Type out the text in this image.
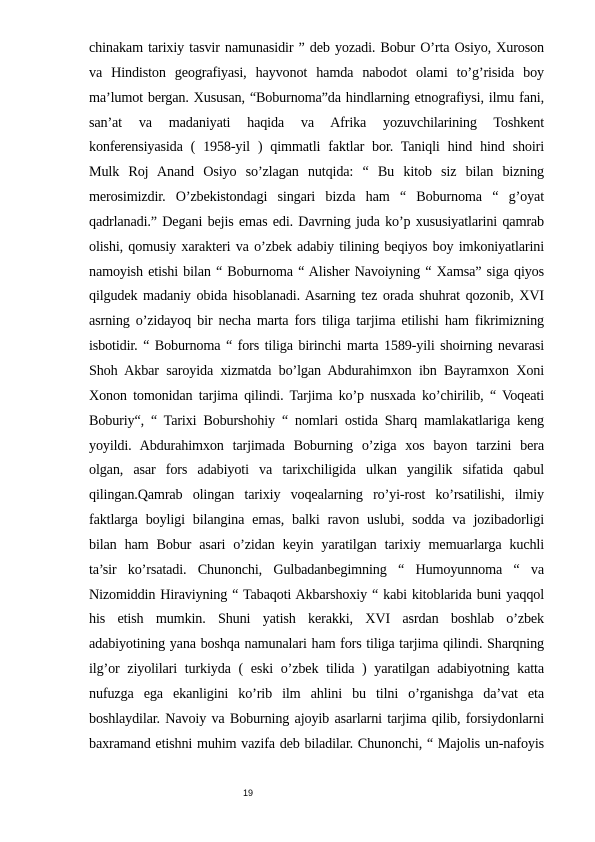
chinakam tarixiy tasvir namunasidir ” deb yozadi. Bobur O’rta Osiyo, Xuroson
va Hindiston geografiyasi, hayvonot hamda nabodot olami to’g’risida boy
ma’lumot bergan. Xususan, “Boburnoma”da hindlarning etnografiysi, ilmu fani,
san’at va madaniyati haqida va Afrika yozuvchilarining Toshkent
konferensiyasida ( 1958-yil ) qimmatli faktlar bor. Taniqli hind hind shoiri
Mulk Roj Anand Osiyo so’zlagan nutqida: “ Bu kitob siz bilan bizning
merosimizdir. O’zbekistondagi singari bizda ham “ Boburnoma “ g’oyat
qadrlanadi.” Degani bejis emas edi. Davrning juda ko’p xususiyatlarini qamrab
olishi, qomusiy xarakteri va o’zbek adabiy tilining beqiyos boy imkoniyatlarini
namoyish etishi bilan “ Boburnoma “ Alisher Navoiyning “ Xamsa” siga qiyos
qilgudek madaniy obida hisoblanadi. Asarning tez orada shuhrat qozonib, XVI
asrning o’zidayoq bir necha marta fors tiliga tarjima etilishi ham fikrimizning
isbotidir. “ Boburnoma “ fors tiliga birinchi marta 1589-yili shoirning nevarasi
Shoh Akbar saroyida xizmatda bo’lgan Abdurahimxon ibn Bayramxon Xoni
Xonon tomonidan tarjima qilindi. Tarjima ko’p nusxada ko’chirilib, “ Voqeati
Boburiy“, “ Tarixi Boburshohiy “ nomlari ostida Sharq mamlakatlariga keng
yoyildi. Abdurahimxon tarjimada Boburning o’ziga xos bayon tarzini bera
olgan, asar fors adabiyoti va tarixchiligida ulkan yangilik sifatida qabul
qilingan.Qamrab olingan tarixiy voqealarning ro’yi-rost ko’rsatilishi, ilmiy
faktlarga boyligi bilangina emas, balki ravon uslubi, sodda va jozibadorligi
bilan ham Bobur asari o’zidan keyin yaratilgan tarixiy memuarlarga kuchli
ta’sir ko’rsatadi. Chunonchi, Gulbadanbegimning “ Humoyunnoma “ va
Nizomiddin Hiraviyning “ Tabaqoti Akbarshoxiy “ kabi kitoblarida buni yaqqol
his etish mumkin. Shuni yatish kerakki, XVI asrdan boshlab o’zbek
adabiyotining yana boshqa namunalari ham fors tiliga tarjima qilindi. Sharqning
ilg’or ziyolilari turkiyda ( eski o’zbek tilida ) yaratilgan adabiyotning katta
nufuzga ega ekanligini ko’rib ilm ahlini bu tilni o’rganishga da’vat eta
boshlaydilar. Navoiy va Boburning ajoyib asarlarni tarjima qilib, forsiydonlarni
baxramand etishni muhim vazifa deb biladilar. Chunonchi, “ Majolis un-nafoyis
19
